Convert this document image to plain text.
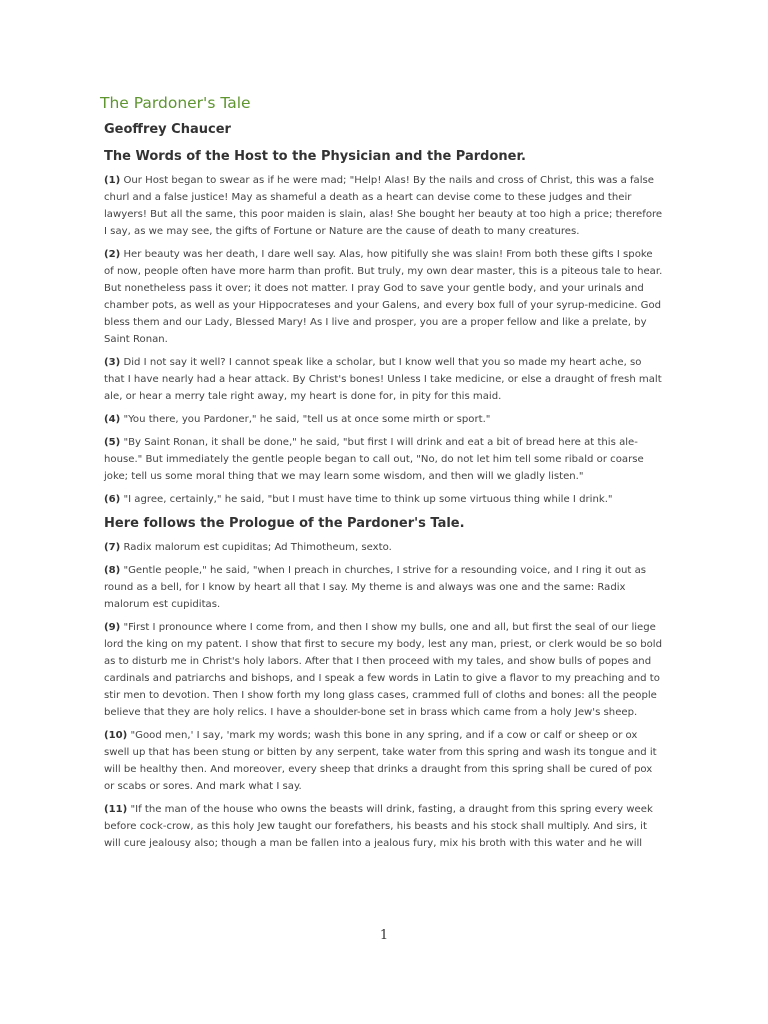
The Pardoner's Tale
Geoffrey Chaucer
The Words of the Host to the Physician and the Pardoner.

(1) Our Host began to swear as if he were mad; "Help! Alas! By the nails and cross of Christ, this was a false churl and a false justice! May as shameful a death as a heart can devise come to these judges and their lawyers! But all the same, this poor maiden is slain, alas! She bought her beauty at too high a price; therefore I say, as we may see, the gifts of Fortune or Nature are the cause of death to many creatures.

(2) Her beauty was her death, I dare well say. Alas, how pitifully she was slain! From both these gifts I spoke of now, people often have more harm than profit. But truly, my own dear master, this is a piteous tale to hear. But nonetheless pass it over; it does not matter. I pray God to save your gentle body, and your urinals and chamber pots, as well as your Hippocrateses and your Galens, and every box full of your syrup-medicine. God bless them and our Lady, Blessed Mary! As I live and prosper, you are a proper fellow and like a prelate, by Saint Ronan.

(3) Did I not say it well? I cannot speak like a scholar, but I know well that you so made my heart ache, so that I have nearly had a hear attack. By Christ's bones! Unless I take medicine, or else a draught of fresh malt ale, or hear a merry tale right away, my heart is done for, in pity for this maid.

(4) "You there, you Pardoner," he said, "tell us at once some mirth or sport."

(5) "By Saint Ronan, it shall be done," he said, "but first I will drink and eat a bit of bread here at this ale-house." But immediately the gentle people began to call out, "No, do not let him tell some ribald or coarse joke; tell us some moral thing that we may learn some wisdom, and then will we gladly listen."

(6) "I agree, certainly," he said, "but I must have time to think up some virtuous thing while I drink."

Here follows the Prologue of the Pardoner's Tale.

(7) Radix malorum est cupiditas; Ad Thimotheum, sexto.

(8) "Gentle people," he said, "when I preach in churches, I strive for a resounding voice, and I ring it out as round as a bell, for I know by heart all that I say. My theme is and always was one and the same: Radix malorum est cupiditas.

(9) "First I pronounce where I come from, and then I show my bulls, one and all, but first the seal of our liege lord the king on my patent. I show that first to secure my body, lest any man, priest, or clerk would be so bold as to disturb me in Christ's holy labors. After that I then proceed with my tales, and show bulls of popes and cardinals and patriarchs and bishops, and I speak a few words in Latin to give a flavor to my preaching and to stir men to devotion. Then I show forth my long glass cases, crammed full of cloths and bones: all the people believe that they are holy relics. I have a shoulder-bone set in brass which came from a holy Jew's sheep.

(10) "Good men,' I say, 'mark my words; wash this bone in any spring, and if a cow or calf or sheep or ox swell up that has been stung or bitten by any serpent, take water from this spring and wash its tongue and it will be healthy then. And moreover, every sheep that drinks a draught from this spring shall be cured of pox or scabs or sores. And mark what I say.

(11) "If the man of the house who owns the beasts will drink, fasting, a draught from this spring every week before cock-crow, as this holy Jew taught our forefathers, his beasts and his stock shall multiply. And sirs, it will cure jealousy also; though a man be fallen into a jealous fury, mix his broth with this water and he will

1
